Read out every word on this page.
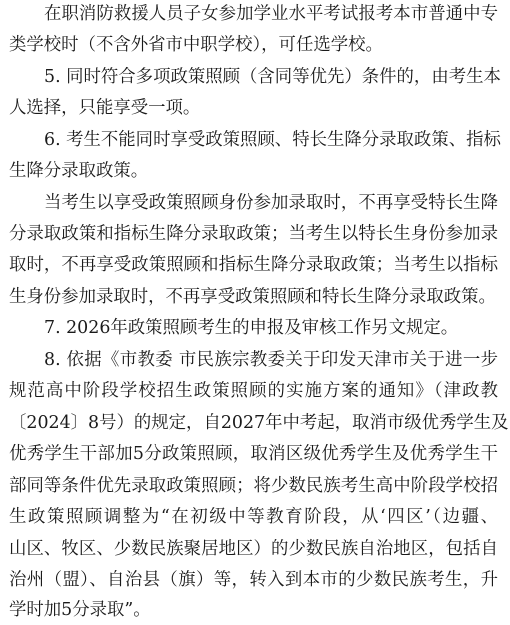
在职消防救援人员子女参加学业水平考试报考本市普通中专
类学校时（不含外省市中职学校），可任选学校。
5. 同时符合多项政策照顾（含同等优先）条件的，由考生本
人选择，只能享受一项。
6. 考生不能同时享受政策照顾、特长生降分录取政策、指标
生降分录取政策。
当考生以享受政策照顾身份参加录取时，不再享受特长生降
分录取政策和指标生降分录取政策；当考生以特长生身份参加录
取时，不再享受政策照顾和指标生降分录取政策；当考生以指标
生身份参加录取时，不再享受政策照顾和特长生降分录取政策。
7. 2026年政策照顾考生的申报及审核工作另文规定。
8. 依据《市教委 市民族宗教委关于印发天津市关于进一步
规范高中阶段学校招生政策照顾的实施方案的通知》（津政教
〔2024〕8号）的规定，自2027年中考起，取消市级优秀学生及
优秀学生干部加5分政策照顾，取消区级优秀学生及优秀学生干
部同等条件优先录取政策照顾；将少数民族考生高中阶段学校招
生政策照顾调整为“在初级中等教育阶段，从‘四区’（边疆、
山区、牧区、少数民族聚居地区）的少数民族自治地区，包括自
治州（盟）、自治县（旗）等，转入到本市的少数民族考生，升
学时加5分录取”。
